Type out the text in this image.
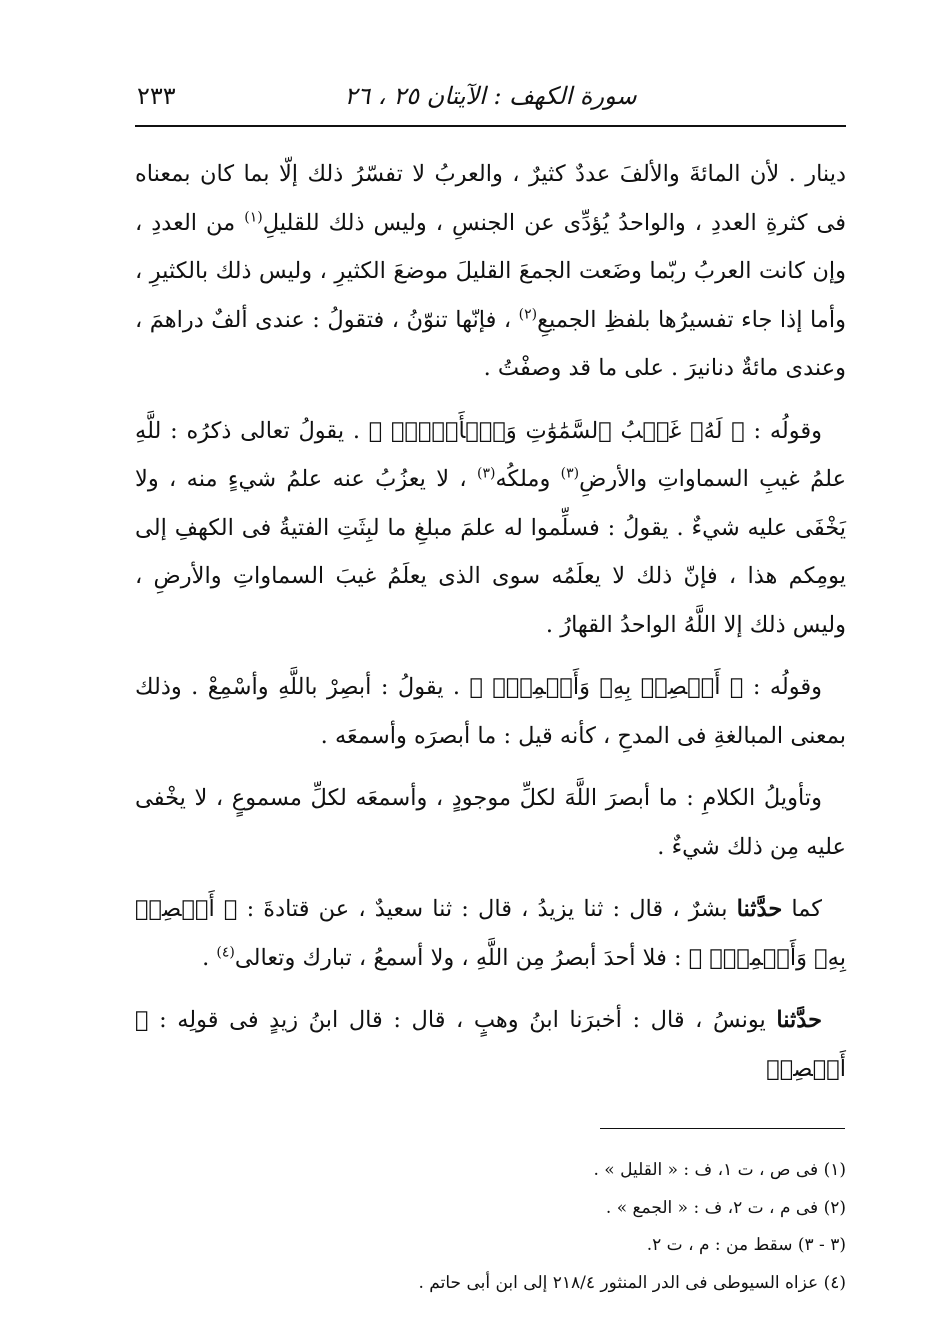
سورة الكهف : الآيتان ٢٥ ، ٢٦
٢٣٣

دينار . لأن المائةَ والألفَ عددٌ كثيرٌ ، والعربُ لا تفسّرُ ذلك إلّا بما كان بمعناه فى كثرةِ العددِ ، والواحدُ يُؤدِّى عن الجنسِ ، وليس ذلك للقليلِ$^{(١)}$ من العددِ ، وإن كانت العربُ ربّما وضَعت الجمعَ القليلَ موضعَ الكثيرِ ، وليس ذلك بالكثيرِ ، وأما إذا جاء تفسيرُها بلفظِ الجميعِ$^{(٢)}$ ، فإنّها تنوّنُ ، فتقولُ : عندى ألفٌ دراهمَ ، وعندى مائةٌ دنانيرَ . على ما قد وصفْتُ .

وقولُه : ﴿ لَهُۥ غَيۡبُ ٱلسَّمَٰوَٰتِ وَٱلۡأَرۡضِۖ ﴾ . يقولُ تعالى ذكرُه : للَّهِ علمُ غيبِ السماواتِ والأرضِ$^{(٣)}$ وملكُه$^{(٣)}$ ، لا يعزُبُ عنه علمُ شيءٍ منه ، ولا يَخْفَى عليه شيءٌ . يقولُ : فسلِّموا له علمَ مبلغِ ما لبِثَتِ الفتيةُ فى الكهفِ إلى يومِكم هذا ، فإنّ ذلك لا يعلَمُه سوى الذى يعلَمُ غيبَ السماواتِ والأرضِ ، وليس ذلك إلا اللَّهُ الواحدُ القهارُ .

وقولُه : ﴿ أَبۡصِرۡ بِهِۦ وَأَسۡمِعۡۚ ﴾ . يقولُ : أبصِرْ باللَّهِ وأسْمِعْ . وذلك بمعنى المبالغةِ فى المدحِ ، كأنه قيل : ما أبصرَه وأسمعَه .

وتأويلُ الكلامِ : ما أبصرَ اللَّهَ لكلِّ موجودٍ ، وأسمعَه لكلِّ مسموعٍ ، لا يخْفى عليه مِن ذلك شيءٌ .

كما حدَّثنا بشرٌ ، قال : ثنا يزيدُ ، قال : ثنا سعيدٌ ، عن قتادةَ : ﴿ أَبۡصِرۡ بِهِۦ وَأَسۡمِعۡۚ ﴾ : فلا أحدَ أبصرُ مِن اللَّهِ ، ولا أسمعُ ، تبارك وتعالى$^{(٤)}$ .

حدَّثنا يونسُ ، قال : أخبرَنا ابنُ وهبٍ ، قال : قال ابنُ زيدٍ فى قولِه : ﴿ أَبۡصِرۡ

(١) فى ص ، ت ١، ف : « القليل » .
(٢) فى م ، ت ٢، ف : « الجمع » .
(٣ - ٣) سقط من : م ، ت ٢.
(٤) عزاه السيوطى فى الدر المنثور ٢١٨/٤ إلى ابن أبى حاتم .
